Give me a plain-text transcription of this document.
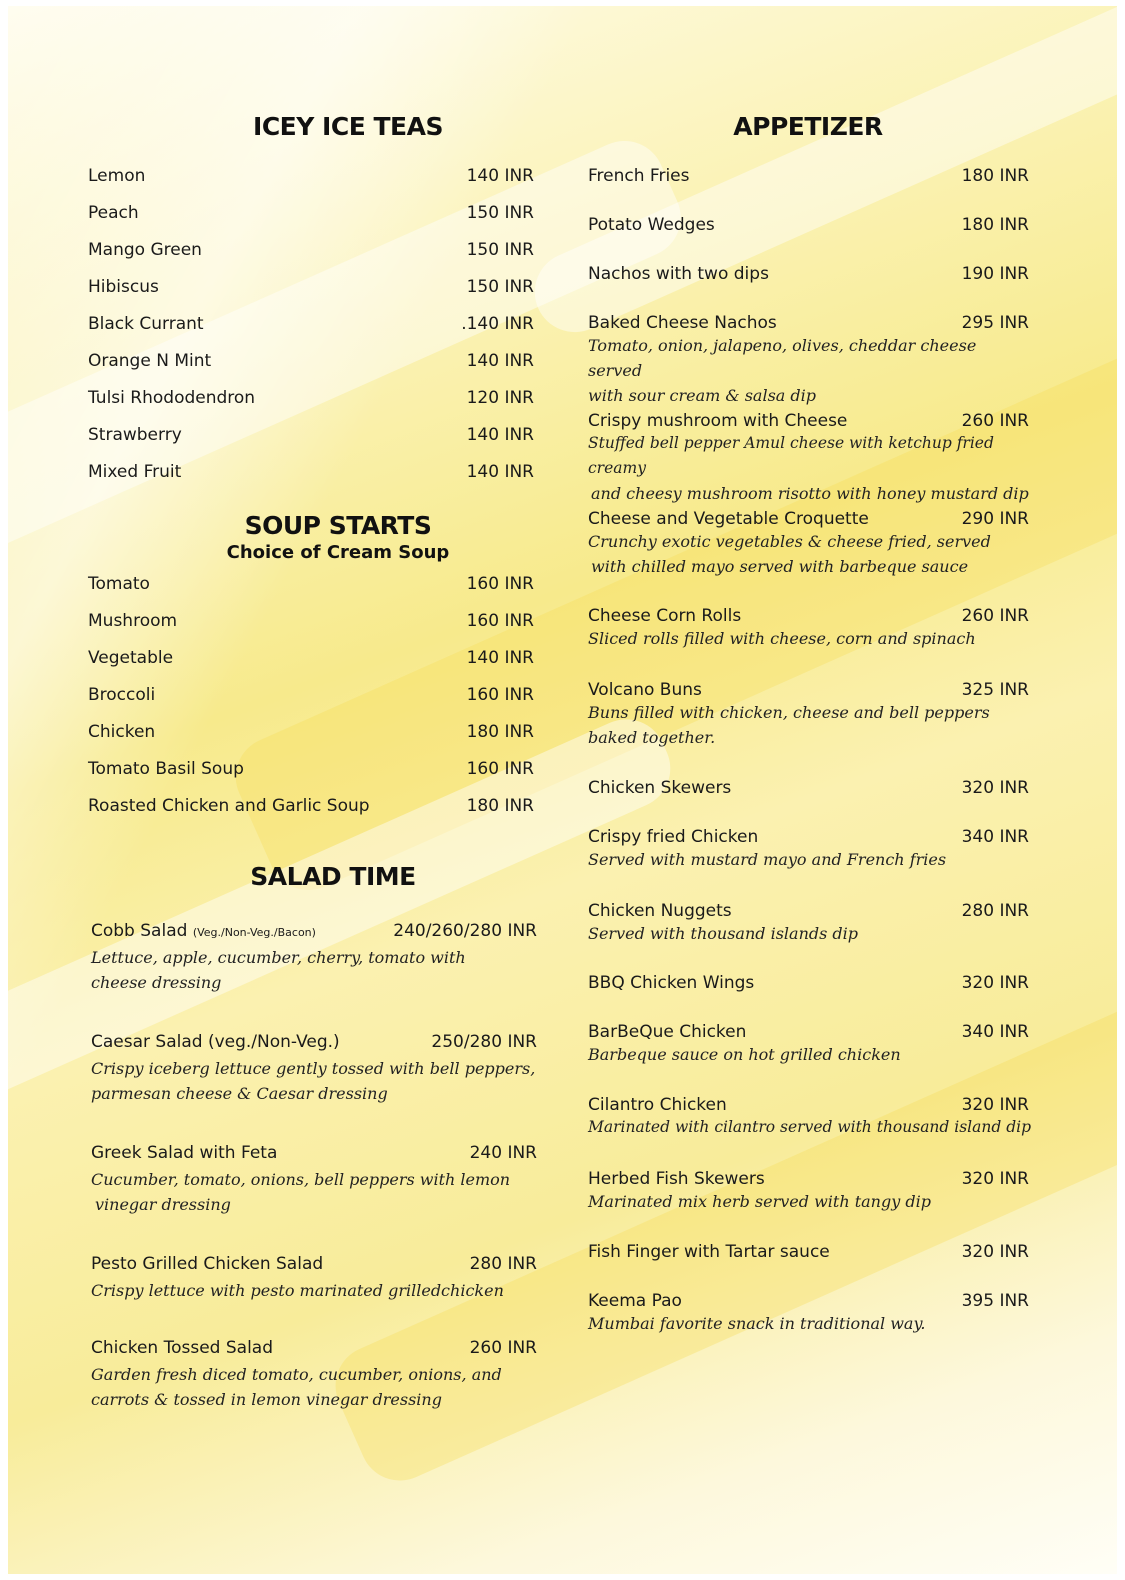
ICEY ICE TEAS
Lemon	140 INR
Peach	150 INR
Mango Green	150 INR
Hibiscus	150 INR
Black Currant	.140 INR
Orange N Mint	140 INR
Tulsi Rhododendron	120 INR
Strawberry	140 INR
Mixed Fruit	140 INR
SOUP STARTS

Choice of Cream Soup

Tomato	160 INR
Mushroom	160 INR
Vegetable	140 INR
Broccoli	160 INR
Chicken	180 INR
Tomato Basil Soup	160 INR
Roasted Chicken and Garlic Soup	180 INR
SALAD TIME
Cobb Salad (Veg./Non-Veg./Bacon)	240/260/280 INR
Lettuce, apple, cucumber, cherry, tomato with
cheese dressing
Caesar Salad (veg./Non-Veg.)	250/280 INR
Crispy iceberg lettuce gently tossed with bell peppers,
parmesan cheese & Caesar dressing
Greek Salad with Feta	240 INR
Cucumber, tomato, onions, bell peppers with lemon
vinegar dressing
Pesto Grilled Chicken Salad	280 INR
Crispy lettuce with pesto marinated grilledchicken
Chicken Tossed Salad	260 INR
Garden fresh diced tomato, cucumber, onions, and
carrots & tossed in lemon vinegar dressing
APPETIZER
French Fries	180 INR
Potato Wedges	180 INR
Nachos with two dips	190 INR
Baked Cheese Nachos	295 INR
Tomato, onion, jalapeno, olives, cheddar cheese served
with sour cream & salsa dip
Crispy mushroom with Cheese	260 INR
Stuffed bell pepper Amul cheese with ketchup fried creamy
and cheesy mushroom risotto with honey mustard dip
Cheese and Vegetable Croquette	290 INR
Crunchy exotic vegetables & cheese fried, served
with chilled mayo served with barbeque sauce
Cheese Corn Rolls	260 INR
Sliced rolls filled with cheese, corn and spinach
Volcano Buns	325 INR
Buns filled with chicken, cheese and bell peppers
baked together.
Chicken Skewers	320 INR
Crispy fried Chicken	340 INR
Served with mustard mayo and French fries
Chicken Nuggets	280 INR
Served with thousand islands dip
BBQ Chicken Wings	320 INR
BarBeQue Chicken	340 INR
Barbeque sauce on hot grilled chicken
Cilantro Chicken	320 INR
Marinated with cilantro served with thousand island dip
Herbed Fish Skewers	320 INR
Marinated mix herb served with tangy dip
Fish Finger with Tartar sauce	320 INR
Keema Pao	395 INR
Mumbai favorite snack in traditional way.
